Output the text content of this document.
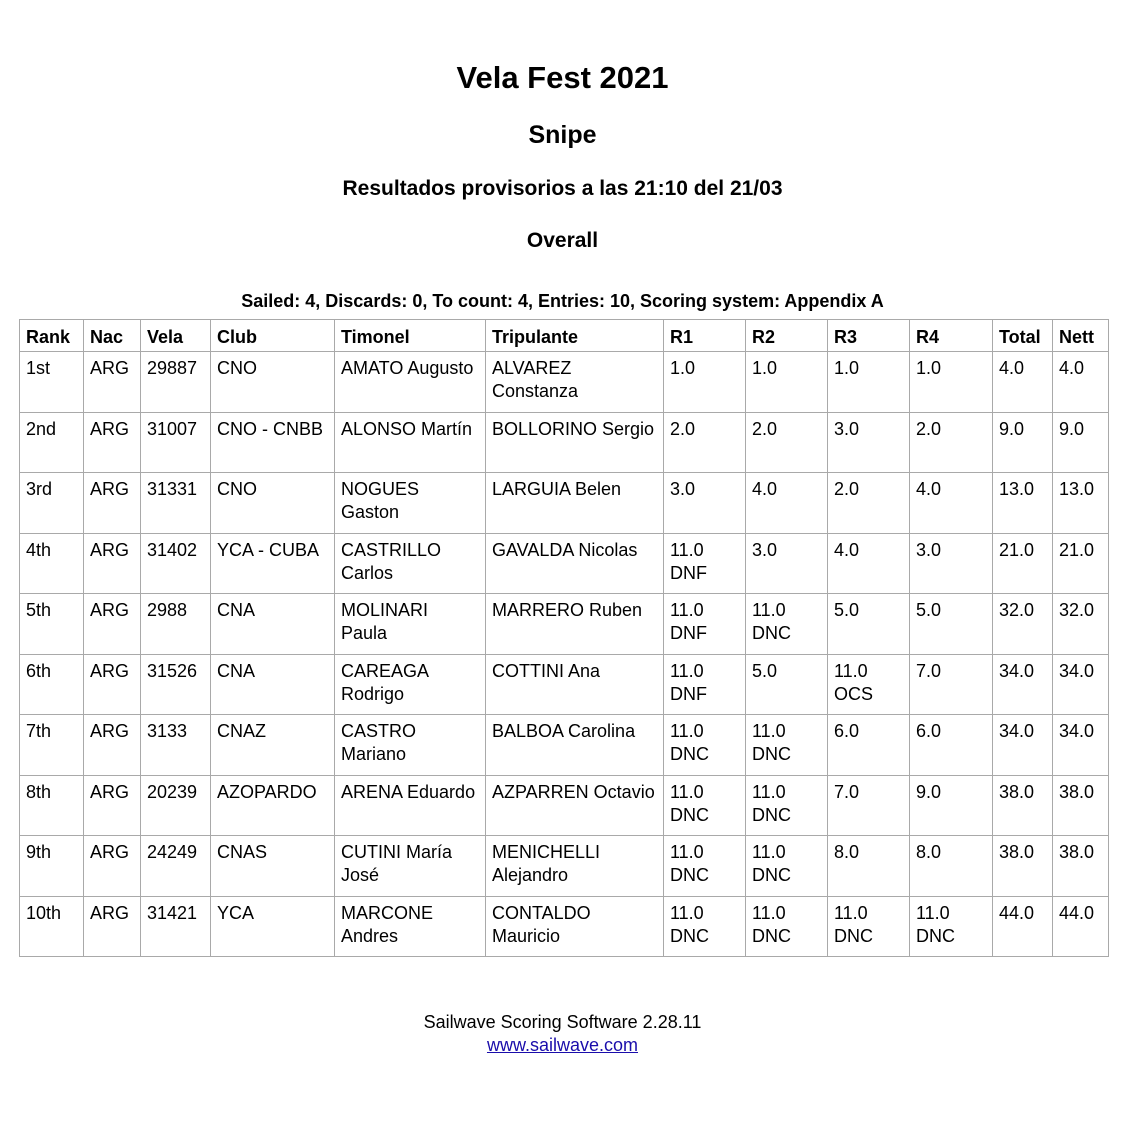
Vela Fest 2021
Snipe
Resultados provisorios a las 21:10 del 21/03
Overall
Sailed: 4, Discards: 0, To count: 4, Entries: 10, Scoring system: Appendix A
Rank	Nac	Vela	Club	Timonel	Tripulante	R1	R2	R3	R4	Total	Nett
1st	ARG	29887	CNO	AMATO Augusto	ALVAREZ Constanza	1.0	1.0	1.0	1.0	4.0	4.0
2nd	ARG	31007	CNO - CNBB	ALONSO Martín	BOLLORINO Sergio	2.0	2.0	3.0	2.0	9.0	9.0
3rd	ARG	31331	CNO	NOGUES Gaston	LARGUIA Belen	3.0	4.0	2.0	4.0	13.0	13.0
4th	ARG	31402	YCA - CUBA	CASTRILLO Carlos	GAVALDA Nicolas	11.0 DNF	3.0	4.0	3.0	21.0	21.0
5th	ARG	2988	CNA	MOLINARI Paula	MARRERO Ruben	11.0 DNF	11.0 DNC	5.0	5.0	32.0	32.0
6th	ARG	31526	CNA	CAREAGA Rodrigo	COTTINI Ana	11.0 DNF	5.0	11.0 OCS	7.0	34.0	34.0
7th	ARG	3133	CNAZ	CASTRO Mariano	BALBOA Carolina	11.0 DNC	11.0 DNC	6.0	6.0	34.0	34.0
8th	ARG	20239	AZOPARDO	ARENA Eduardo	AZPARREN Octavio	11.0 DNC	11.0 DNC	7.0	9.0	38.0	38.0
9th	ARG	24249	CNAS	CUTINI María José	MENICHELLI Alejandro	11.0 DNC	11.0 DNC	8.0	8.0	38.0	38.0
10th	ARG	31421	YCA	MARCONE Andres	CONTALDO Mauricio	11.0 DNC	11.0 DNC	11.0 DNC	11.0 DNC	44.0	44.0
Sailwave Scoring Software 2.28.11
www.sailwave.com
